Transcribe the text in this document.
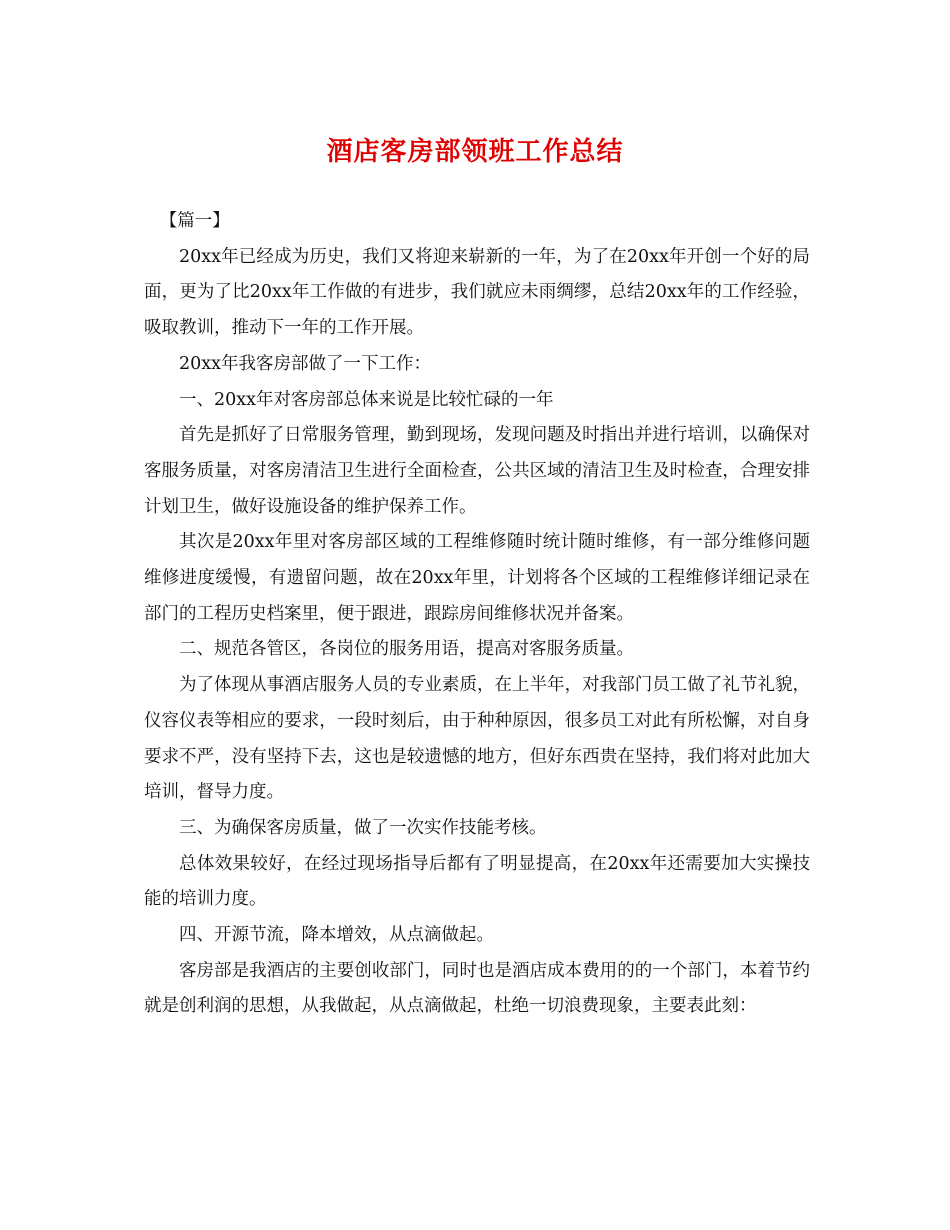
酒店客房部领班工作总结

【篇一】

20xx年已经成为历史，我们又将迎来崭新的一年，为了在20xx年开创一个好的局面，更为了比20xx年工作做的有进步，我们就应未雨绸缪，总结20xx年的工作经验，吸取教训，推动下一年的工作开展。

20xx年我客房部做了一下工作：

一、20xx年对客房部总体来说是比较忙碌的一年

首先是抓好了日常服务管理，勤到现场，发现问题及时指出并进行培训，以确保对客服务质量，对客房清洁卫生进行全面检查，公共区域的清洁卫生及时检查，合理安排计划卫生，做好设施设备的维护保养工作。

其次是20xx年里对客房部区域的工程维修随时统计随时维修，有一部分维修问题维修进度缓慢，有遗留问题，故在20xx年里，计划将各个区域的工程维修详细记录在部门的工程历史档案里，便于跟进，跟踪房间维修状况并备案。

二、规范各管区，各岗位的服务用语，提高对客服务质量。

为了体现从事酒店服务人员的专业素质，在上半年，对我部门员工做了礼节礼貌，仪容仪表等相应的要求，一段时刻后，由于种种原因，很多员工对此有所松懈，对自身要求不严，没有坚持下去，这也是较遗憾的地方，但好东西贵在坚持，我们将对此加大培训，督导力度。

三、为确保客房质量，做了一次实作技能考核。

总体效果较好，在经过现场指导后都有了明显提高，在20xx年还需要加大实操技能的培训力度。

四、开源节流，降本增效，从点滴做起。

客房部是我酒店的主要创收部门，同时也是酒店成本费用的的一个部门，本着节约就是创利润的思想，从我做起，从点滴做起，杜绝一切浪费现象，主要表此刻：
